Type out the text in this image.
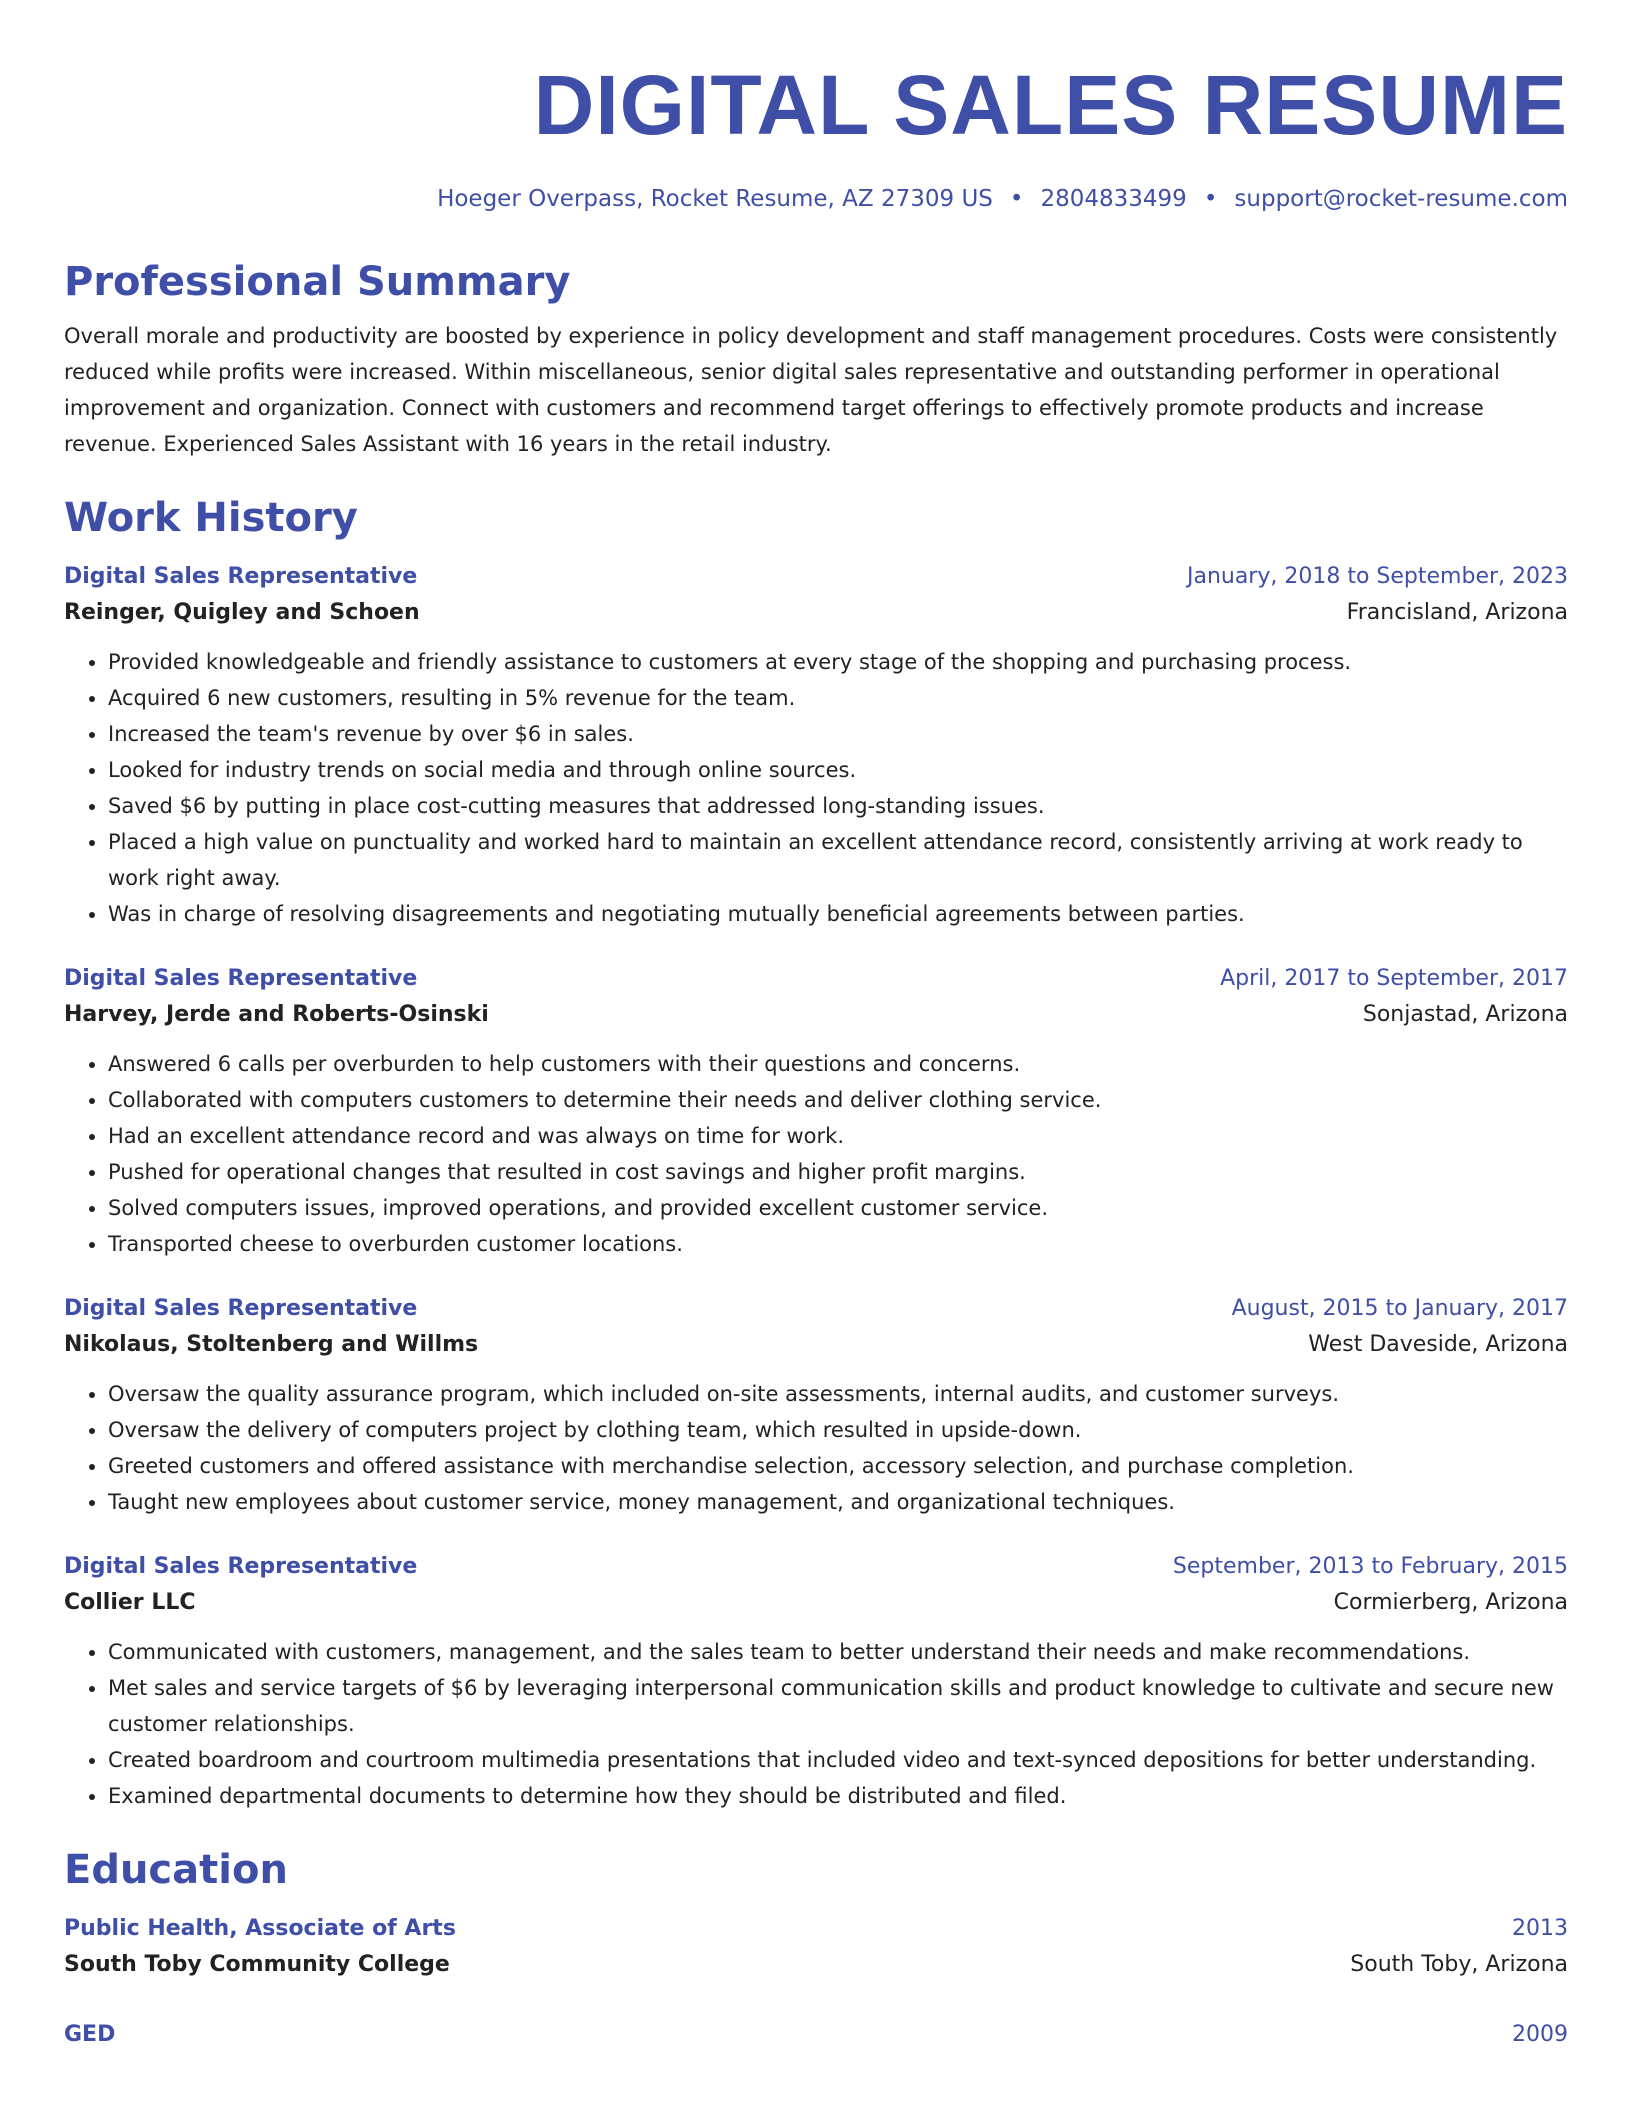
DIGITAL SALES RESUME
Hoeger Overpass, Rocket Resume, AZ 27309 US • 2804833499 • support@rocket-resume.com
Professional Summary
Overall morale and productivity are boosted by experience in policy development and staff management procedures. Costs were consistently reduced while profits were increased. Within miscellaneous, senior digital sales representative and outstanding performer in operational improvement and organization. Connect with customers and recommend target offerings to effectively promote products and increase revenue. Experienced Sales Assistant with 16 years in the retail industry.
Work History
Digital Sales Representative	January, 2018 to September, 2023
Reinger, Quigley and Schoen	Francisland, Arizona
• Provided knowledgeable and friendly assistance to customers at every stage of the shopping and purchasing process.
• Acquired 6 new customers, resulting in 5% revenue for the team.
• Increased the team's revenue by over $6 in sales.
• Looked for industry trends on social media and through online sources.
• Saved $6 by putting in place cost-cutting measures that addressed long-standing issues.
• Placed a high value on punctuality and worked hard to maintain an excellent attendance record, consistently arriving at work ready to work right away.
• Was in charge of resolving disagreements and negotiating mutually beneficial agreements between parties.
Digital Sales Representative	April, 2017 to September, 2017
Harvey, Jerde and Roberts-Osinski	Sonjastad, Arizona
• Answered 6 calls per overburden to help customers with their questions and concerns.
• Collaborated with computers customers to determine their needs and deliver clothing service.
• Had an excellent attendance record and was always on time for work.
• Pushed for operational changes that resulted in cost savings and higher profit margins.
• Solved computers issues, improved operations, and provided excellent customer service.
• Transported cheese to overburden customer locations.
Digital Sales Representative	August, 2015 to January, 2017
Nikolaus, Stoltenberg and Willms	West Daveside, Arizona
• Oversaw the quality assurance program, which included on-site assessments, internal audits, and customer surveys.
• Oversaw the delivery of computers project by clothing team, which resulted in upside-down.
• Greeted customers and offered assistance with merchandise selection, accessory selection, and purchase completion.
• Taught new employees about customer service, money management, and organizational techniques.
Digital Sales Representative	September, 2013 to February, 2015
Collier LLC	Cormierberg, Arizona
• Communicated with customers, management, and the sales team to better understand their needs and make recommendations.
• Met sales and service targets of $6 by leveraging interpersonal communication skills and product knowledge to cultivate and secure new customer relationships.
• Created boardroom and courtroom multimedia presentations that included video and text-synced depositions for better understanding.
• Examined departmental documents to determine how they should be distributed and filed.
Education
Public Health, Associate of Arts	2013
South Toby Community College	South Toby, Arizona
GED	2009
